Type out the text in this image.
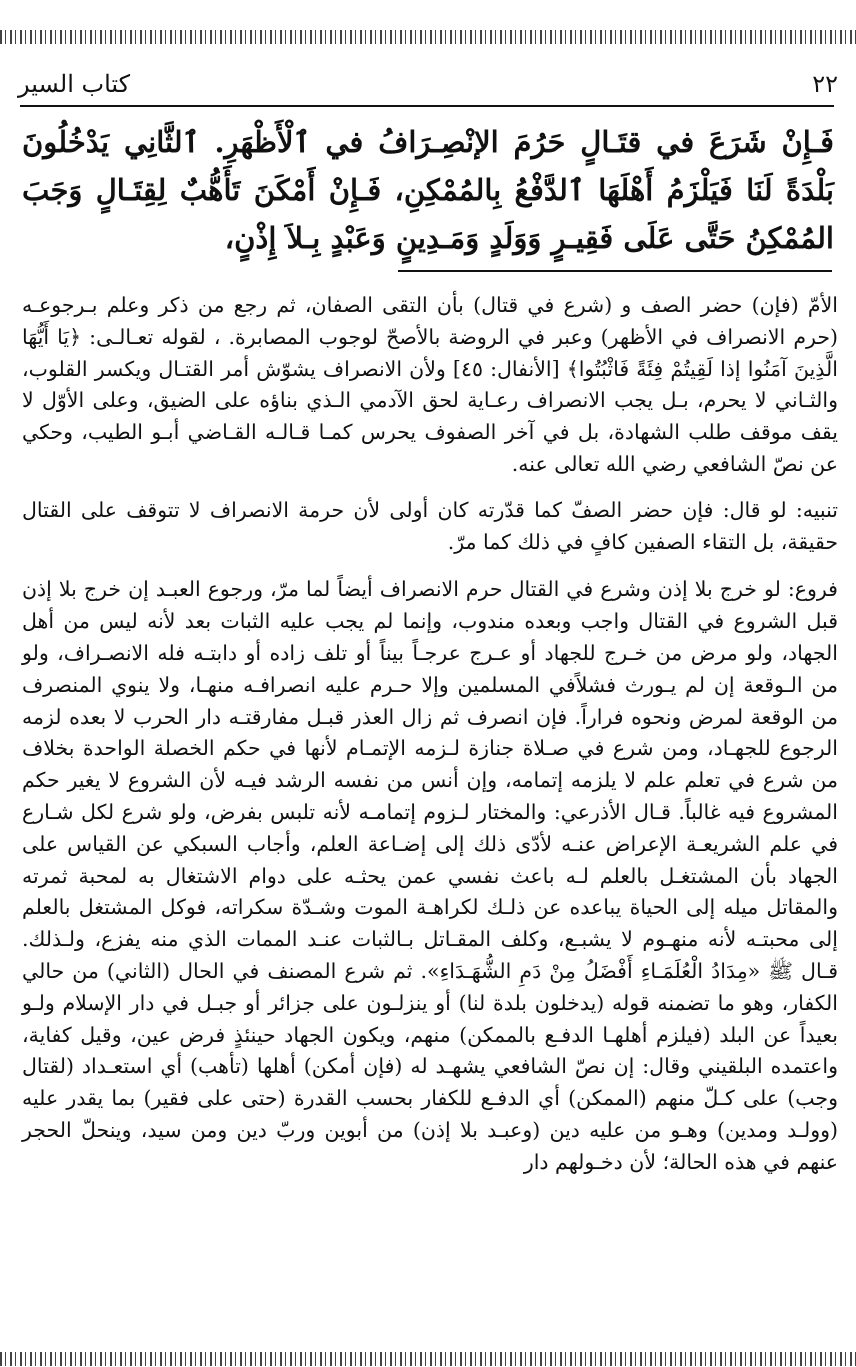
٢٢
كتاب السير

فَـإِنْ شَرَعَ في قتَـالٍ حَرُمَ الإنْصِـرَافُ في ٱلْأَظْهَرِ. ٱلثَّانِي يَدْخُلُونَ بَلْدَةً لَنَا فَيَلْزَمُ أَهْلَهَا ٱلدَّفْعُ بِالمُمْكِنِ، فَـإِنْ أَمْكَنَ تَأَهُّبٌ لِقِتَـالٍ وَجَبَ المُمْكِنُ حَتَّى عَلَى فَقِيـرٍ وَوَلَدٍ وَمَـدِينٍ وَعَبْدٍ بِـلاَ إِذْنٍ،

الأمّ (فإن) حضر الصف و (شرع في قتال) بأن التقى الصفان، ثم رجع من ذكر وعلم بـرجوعـه (حرم الانصراف في الأظهر) وعبر في الروضة بالأصحّ لوجوب المصابرة. ، لقوله تعـالـى: ﴿يَا أَيُّهَا الَّذِينَ آمَنُوا إذا لَقِيتُمْ فِئَةً فَاثْبُتُوا﴾ [الأنفال: ٤٥] ولأن الانصراف يشوّش أمر القتـال ويكسر القلوب، والثـاني لا يحرم، بـل يجب الانصراف رعـاية لحق الآدمي الـذي بناؤه على الضيق، وعلى الأوّل لا يقف موقف طلب الشهادة، بل في آخر الصفوف يحرس كمـا قـالـه القـاضي أبـو الطيب، وحكي عن نصّ الشافعي رضي الله تعالى عنه.

تنبيه: لو قال: فإن حضر الصفّ كما قدّرته كان أولى لأن حرمة الانصراف لا تتوقف على القتال حقيقة، بل التقاء الصفين كافٍ في ذلك كما مرّ.

فروع: لو خرج بلا إذن وشرع في القتال حرم الانصراف أيضاً لما مرّ، ورجوع العبـد إن خرج بلا إذن قبل الشروع في القتال واجب وبعده مندوب، وإنما لم يجب عليه الثبات بعد لأنه ليس من أهل الجهاد، ولو مرض من خـرج للجهاد أو عـرج عرجـاً بيناً أو تلف زاده أو دابتـه فله الانصـراف، ولو من الـوقعة إن لم يـورث فشلاًفي المسلمين وإلا حـرم عليه انصرافـه منهـا، ولا ينوي المنصرف من الوقعة لمرض ونحوه فراراً. فإن انصرف ثم زال العذر قبـل مفارقتـه دار الحرب لا بعده لزمه الرجوع للجهـاد، ومن شرع في صـلاة جنازة لـزمه الإتمـام لأنها في حكم الخصلة الواحدة بخلاف من شرع في تعلم علم لا يلزمه إتمامه، وإن أنس من نفسه الرشد فيـه لأن الشروع لا يغير حكم المشروع فيه غالباً. قـال الأذرعي: والمختار لـزوم إتمامـه لأنه تلبس بفرض، ولو شرع لكل شـارع في علم الشريعـة الإعراض عنـه لأدّى ذلك إلى إضـاعة العلم، وأجاب السبكي عن القياس على الجهاد بأن المشتغـل بالعلم لـه باعث نفسي عمن يحثـه على دوام الاشتغال به لمحبة ثمرته والمقاتل ميله إلى الحياة يباعده عن ذلـك لكراهـة الموت وشـدّة سكراته، فوكل المشتغل بالعلم إلى محبتـه لأنه منهـوم لا يشبـع، وكلف المقـاتل بـالثبات عنـد الممات الذي منه يفزع، ولـذلك. قـال ﷺ «مِدَادُ الْعُلَمَـاءِ أَفْضَلُ مِنْ دَمِ الشُّهَـدَاءِ». ثم شرع المصنف في الحال (الثاني) من حالي الكفار، وهو ما تضمنه قوله (يدخلون بلدة لنا) أو ينزلـون على جزائر أو جبـل في دار الإسلام ولـو بعيداً عن البلد (فيلزم أهلهـا الدفـع بالممكن) منهم، ويكون الجهاد حينئذٍ فرض عين، وقيل كفاية، واعتمده البلقيني وقال: إن نصّ الشافعي يشهـد له (فإن أمكن) أهلها (تأهب) أي استعـداد (لقتال وجب) على كـلّ منهم (الممكن) أي الدفـع للكفار بحسب القدرة (حتى على فقير) بما يقدر عليه (وولـد ومدين) وهـو من عليه دين (وعبـد بلا إذن) من أبوين وربّ دين ومن سيد، وينحلّ الحجر عنهم في هذه الحالة؛ لأن دخـولهم دار
